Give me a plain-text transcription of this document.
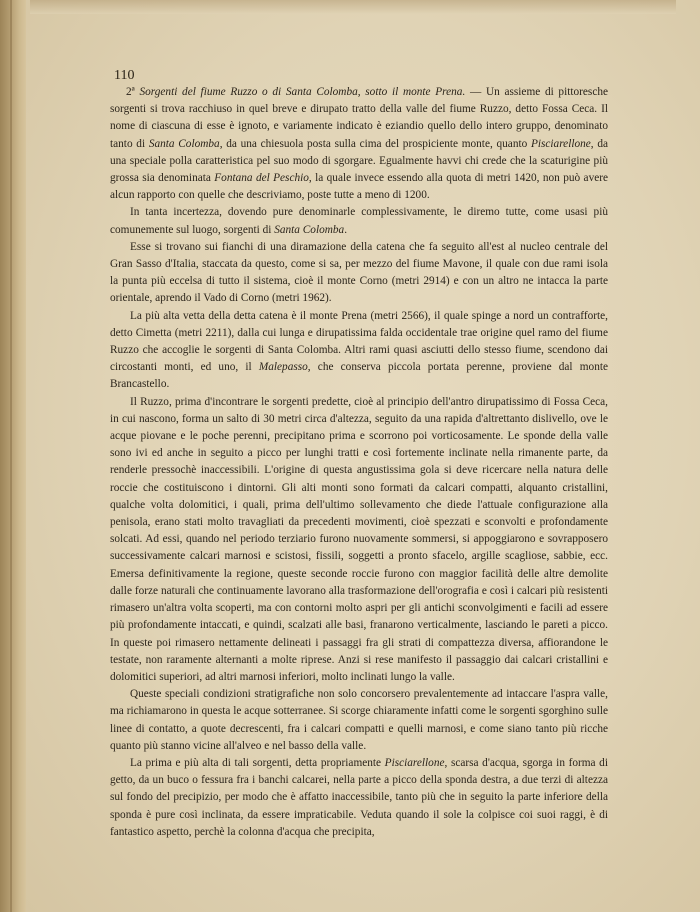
110

2ª Sorgenti del fiume Ruzzo o di Santa Colomba, sotto il monte Prena. — Un assieme di pittoresche sorgenti si trova racchiuso in quel breve e dirupato tratto della valle del fiume Ruzzo, detto Fossa Ceca. Il nome di ciascuna di esse è ignoto, e variamente indicato è eziandio quello dello intero gruppo, denominato tanto di Santa Colomba, da una chiesuola posta sulla cima del prospiciente monte, quanto Pisciarellone, da una speciale polla caratteristica pel suo modo di sgorgare. Egualmente havvi chi crede che la scaturigine più grossa sia denominata Fontana del Peschio, la quale invece essendo alla quota di metri 1420, non può avere alcun rapporto con quelle che descriviamo, poste tutte a meno di 1200.

In tanta incertezza, dovendo pure denominarle complessivamente, le diremo tutte, come usasi più comunemente sul luogo, sorgenti di Santa Colomba.

Esse si trovano sui fianchi di una diramazione della catena che fa seguito all'est al nucleo centrale del Gran Sasso d'Italia, staccata da questo, come si sa, per mezzo del fiume Mavone, il quale con due rami isola la punta più eccelsa di tutto il sistema, cioè il monte Corno (metri 2914) e con un altro ne intacca la parte orientale, aprendo il Vado di Corno (metri 1962).

La più alta vetta della detta catena è il monte Prena (metri 2566), il quale spinge a nord un contrafforte, detto Cimetta (metri 2211), dalla cui lunga e dirupatissima falda occidentale trae origine quel ramo del fiume Ruzzo che accoglie le sorgenti di Santa Colomba. Altri rami quasi asciutti dello stesso fiume, scendono dai circostanti monti, ed uno, il Malepasso, che conserva piccola portata perenne, proviene dal monte Brancastello.

Il Ruzzo, prima d'incontrare le sorgenti predette, cioè al principio dell'antro dirupatissimo di Fossa Ceca, in cui nascono, forma un salto di 30 metri circa d'altezza, seguito da una rapida d'altrettanto dislivello, ove le acque piovane e le poche perenni, precipitano prima e scorrono poi vorticosamente. Le sponde della valle sono ivi ed anche in seguito a picco per lunghi tratti e così fortemente inclinate nella rimanente parte, da renderle pressochè inaccessibili. L'origine di questa angustissima gola si deve ricercare nella natura delle roccie che costituiscono i dintorni. Gli alti monti sono formati da calcari compatti, alquanto cristallini, qualche volta dolomitici, i quali, prima dell'ultimo sollevamento che diede l'attuale configurazione alla penisola, erano stati molto travagliati da precedenti movimenti, cioè spezzati e sconvolti e profondamente solcati. Ad essi, quando nel periodo terziario furono nuovamente sommersi, si appoggiarono e sovrapposero successivamente calcari marnosi e scistosi, fissili, soggetti a pronto sfacelo, argille scagliose, sabbie, ecc. Emersa definitivamente la regione, queste seconde roccie furono con maggior facilità delle altre demolite dalle forze naturali che continuamente lavorano alla trasformazione dell'orografia e così i calcari più resistenti rimasero un'altra volta scoperti, ma con contorni molto aspri per gli antichi sconvolgimenti e facili ad essere più profondamente intaccati, e quindi, scalzati alle basi, franarono verticalmente, lasciando le pareti a picco. In queste poi rimasero nettamente delineati i passaggi fra gli strati di compattezza diversa, affiorandone le testate, non raramente alternanti a molte riprese. Anzi si rese manifesto il passaggio dai calcari cristallini e dolomitici superiori, ad altri marnosi inferiori, molto inclinati lungo la valle.

Queste speciali condizioni stratigrafiche non solo concorsero prevalentemente ad intaccare l'aspra valle, ma richiamarono in questa le acque sotterranee. Si scorge chiaramente infatti come le sorgenti sgorghino sulle linee di contatto, a quote decrescenti, fra i calcari compatti e quelli marnosi, e come siano tanto più ricche quanto più stanno vicine all'alveo e nel basso della valle.

La prima e più alta di tali sorgenti, detta propriamente Pisciarellone, scarsa d'acqua, sgorga in forma di getto, da un buco o fessura fra i banchi calcarei, nella parte a picco della sponda destra, a due terzi di altezza sul fondo del precipizio, per modo che è affatto inaccessibile, tanto più che in seguito la parte inferiore della sponda è pure così inclinata, da essere impraticabile. Veduta quando il sole la colpisce coi suoi raggi, è di fantastico aspetto, perchè la colonna d'acqua che precipita,
